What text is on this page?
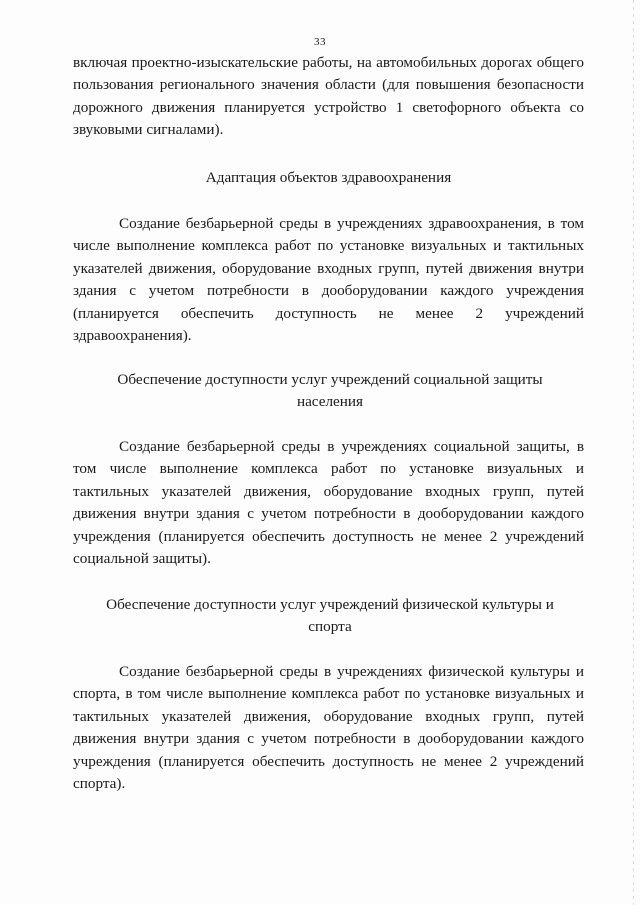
33

включая проектно-изыскательские работы, на автомобильных дорогах общего пользования регионального значения области (для повышения безопасности дорожного движения планируется устройство 1 светофорного объекта со звуковыми сигналами).

Адаптация объектов здравоохранения

Создание безбарьерной среды в учреждениях здравоохранения, в том числе выполнение комплекса работ по установке визуальных и тактильных указателей движения, оборудование входных групп, путей движения внутри здания с учетом потребности в дооборудовании каждого учреждения (планируется обеспечить доступность не менее 2 учреждений здравоохранения).

Обеспечение доступности услуг учреждений социальной защиты населения

Создание безбарьерной среды в учреждениях социальной защиты, в том числе выполнение комплекса работ по установке визуальных и тактильных указателей движения, оборудование входных групп, путей движения внутри здания с учетом потребности в дооборудовании каждого учреждения (планируется обеспечить доступность не менее 2 учреждений социальной защиты).

Обеспечение доступности услуг учреждений физической культуры и спорта

Создание безбарьерной среды в учреждениях физической культуры и спорта, в том числе выполнение комплекса работ по установке визуальных и тактильных указателей движения, оборудование входных групп, путей движения внутри здания с учетом потребности в дооборудовании каждого учреждения (планируется обеспечить доступность не менее 2 учреждений спорта).
